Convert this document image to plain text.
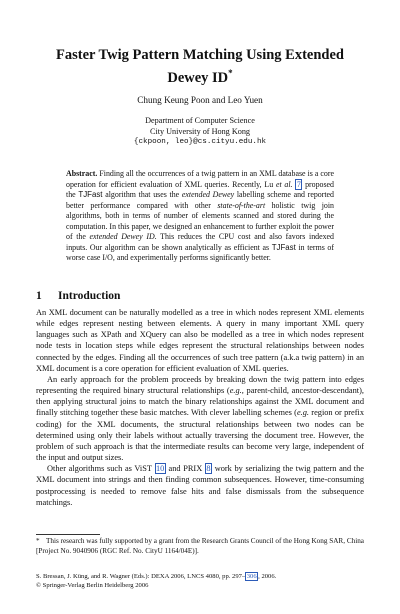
Faster Twig Pattern Matching Using Extended
Dewey ID*
Chung Keung Poon and Leo Yuen
Department of Computer Science
City University of Hong Kong
{ckpoon, leo}@cs.cityu.edu.hk
Abstract. Finding all the occurrences of a twig pattern in an XML database is a core operation for efficient evaluation of XML queries. Recently, Lu et al. 7 proposed the TJFast algorithm that uses the extended Dewey labelling scheme and reported better performance compared with other state-of-the-art holistic twig join algorithms, both in terms of number of elements scanned and stored during the computation. In this paper, we designed an enhancement to further exploit the power of the extended Dewey ID. This reduces the CPU cost and also favors indexed inputs. Our algorithm can be shown analytically as efficient as TJFast in terms of worse case I/O, and experimentally performs significantly better.
1 Introduction

An XML document can be naturally modelled as a tree in which nodes represent XML elements while edges represent nesting between elements. A query in many important XML query languages such as XPath and XQuery can also be modelled as a tree in which nodes represent node tests in location steps while edges represent the structural relationships between nodes connected by the edges. Finding all the occurrences of such tree pattern (a.k.a twig pattern) in an XML document is a core operation for efficient evaluation of XML queries.

An early approach for the problem proceeds by breaking down the twig pattern into edges representing the required binary structural relationships (e.g., parent-child, ancestor-descendant), then applying structural joins to match the binary relationships against the XML document and finally stitching together these basic matches. With clever labelling schemes (e.g. region or prefix coding) for the XML documents, the structural relationships between two nodes can be determined using only their labels without actually traversing the document tree. However, the problem of such approach is that the intermediate results can become very large, independent of the input and output sizes.

Other algorithms such as ViST 10 and PRIX 8 work by serializing the twig pattern and the XML document into strings and then finding common subsequences. However, time-consuming postprocessing is needed to remove false hits and false dismissals from the subsequence matchings.

* This research was fully supported by a grant from the Research Grants Council of the Hong Kong SAR, China [Project No. 9040906 (RGC Ref. No. CityU 1164/04E)].
S. Bressan, J. Küng, and R. Wagner (Eds.): DEXA 2006, LNCS 4080, pp. 297– 306 , 2006.
© Springer-Verlag Berlin Heidelberg 2006
